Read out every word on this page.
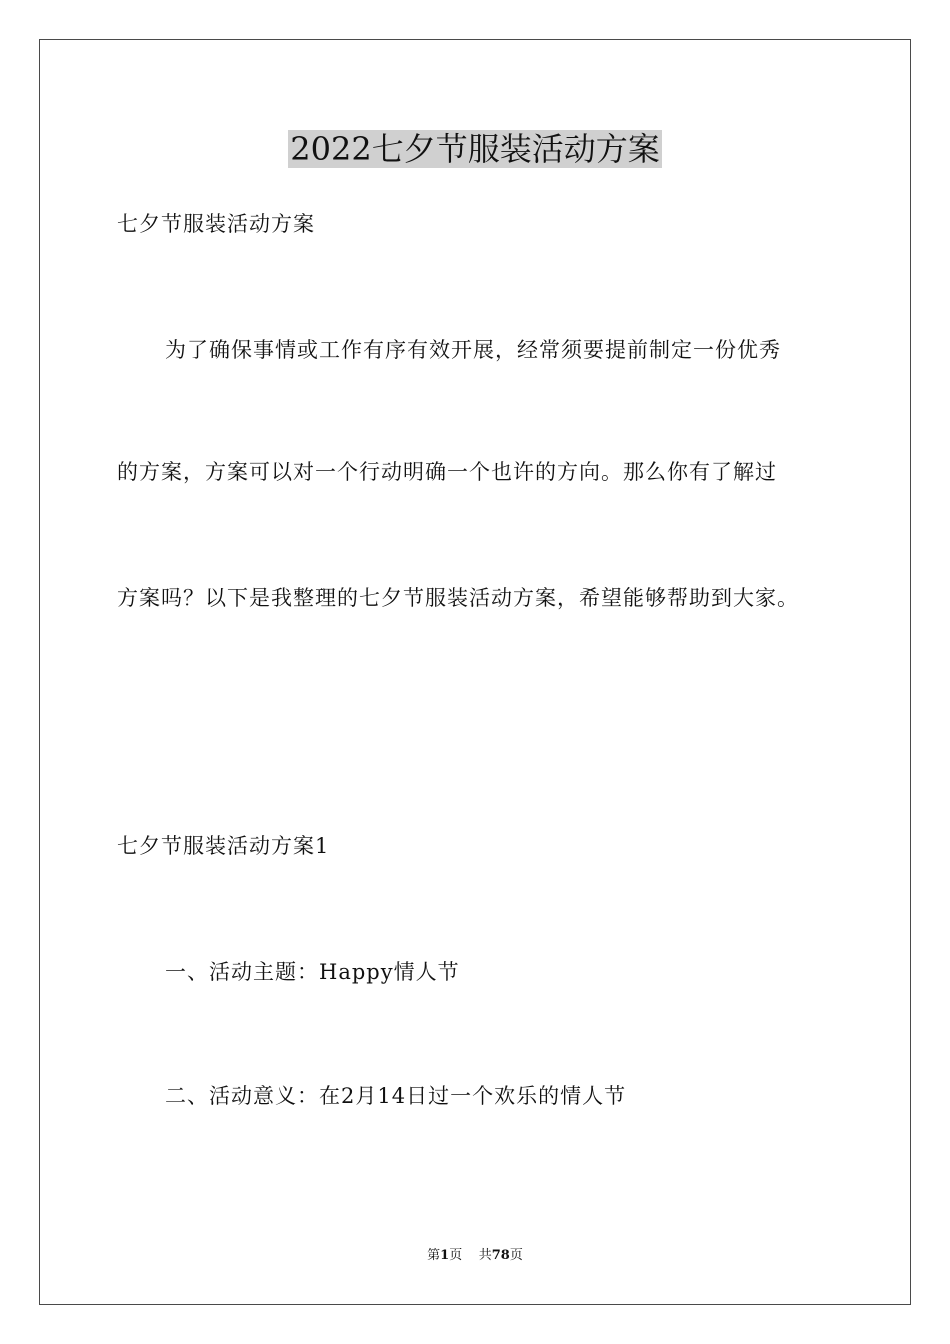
2022七夕节服装活动方案
七夕节服装活动方案
为了确保事情或工作有序有效开展，经常须要提前制定一份优秀
的方案，方案可以对一个行动明确一个也许的方向。那么你有了解过
方案吗？以下是我整理的七夕节服装活动方案，希望能够帮助到大家。
七夕节服装活动方案1
一、活动主题：Happy情人节
二、活动意义：在2月14日过一个欢乐的情人节
第1页 共78页
